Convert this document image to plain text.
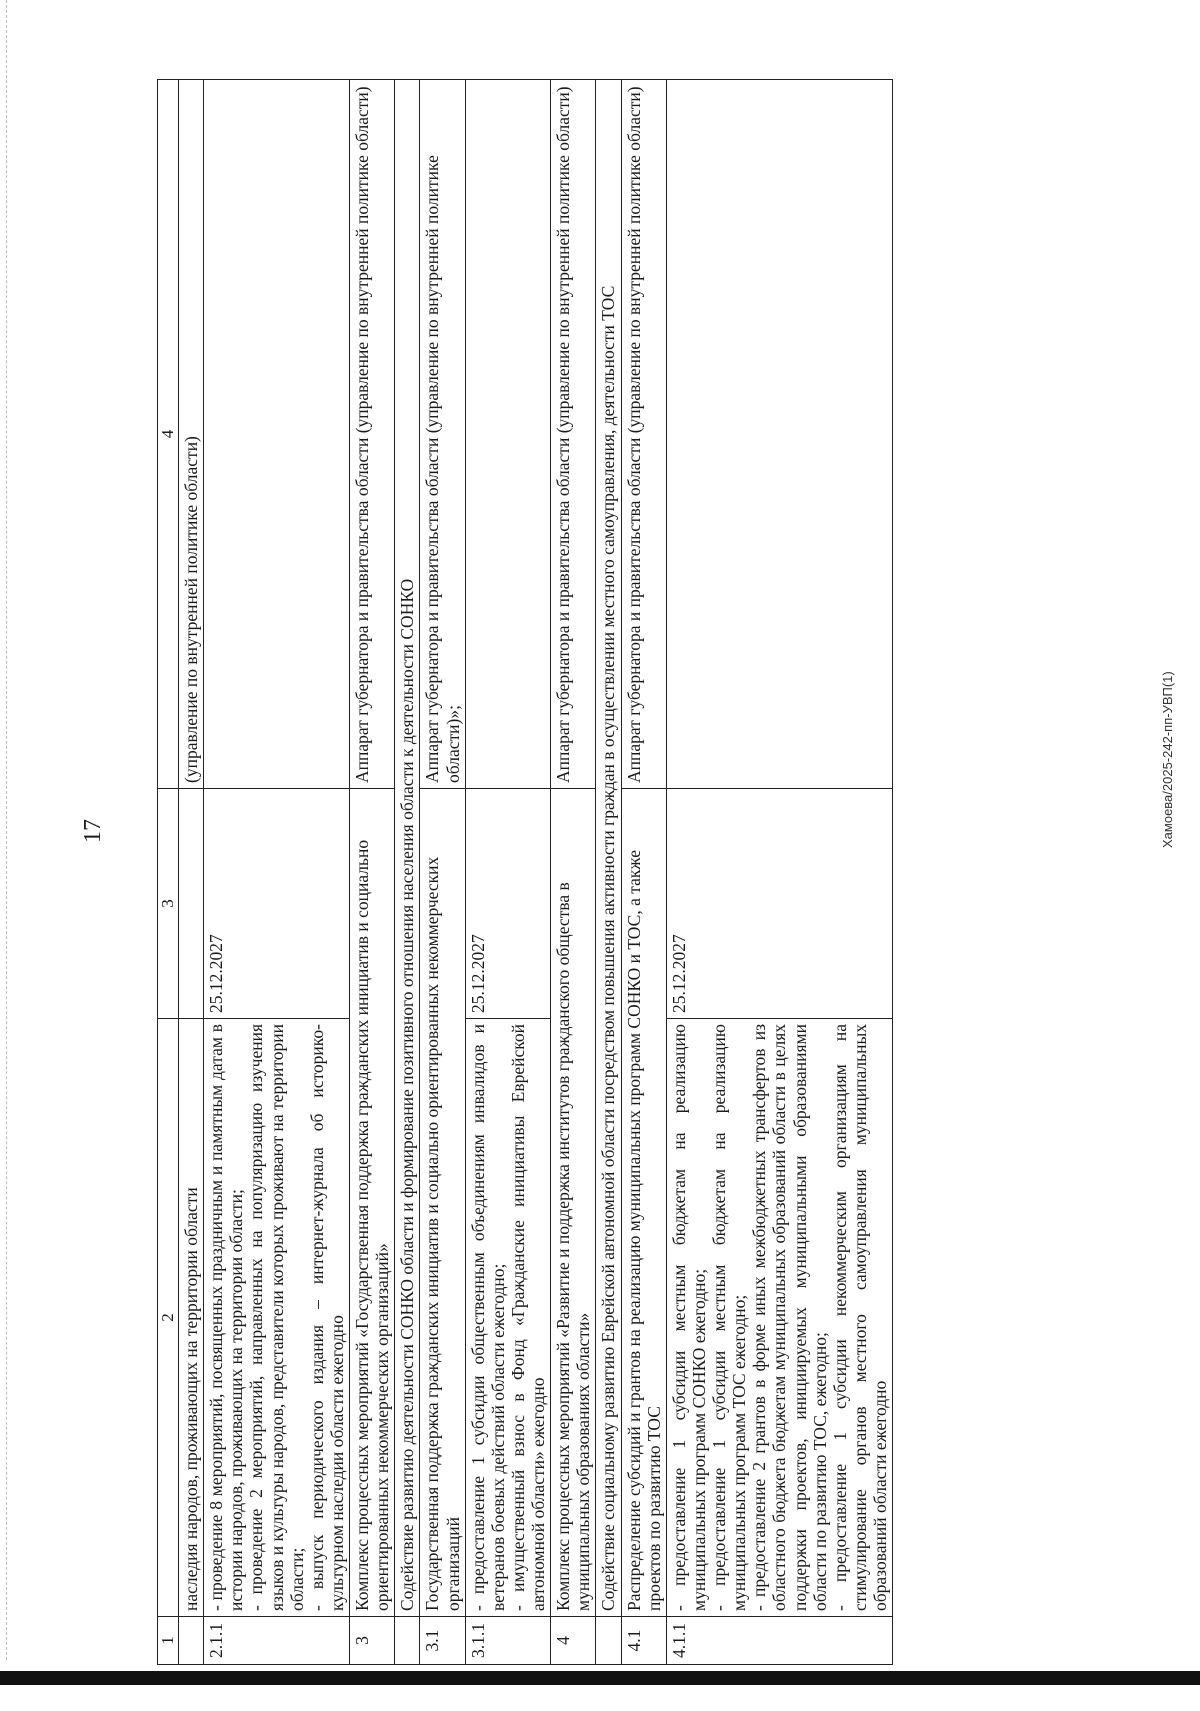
17
1	2	3	4
	наследия народов, проживающих на территории области		(управление по внутренней политике области)
2.1.1	- проведение 8 мероприятий, посвященных праздничным и памятным датам в истории народов, проживающих на территории области; - проведение 2 мероприятий, направленных на популяризацию изучения языков и культуры народов, представители которых проживают на территории области; - выпуск периодического издания – интернет-журнала об историко-культурном наследии области ежегодно	25.12.2027	
3	Комплекс процессных мероприятий «Государственная поддержка гражданских инициатив и социально ориентированных некоммерческих организаций»		Аппарат губернатора и правительства области (управление по внутренней политике области)
	Содействие развитию деятельности СОНКО области и формирование позитивного отношения населения области к деятельности СОНКО		
3.1	Государственная поддержка гражданских инициатив и социально ориентированных некоммерческих организаций		Аппарат губернатора и правительства области (управление по внутренней политике области)»;
3.1.1	- предоставление 1 субсидии общественным объединениям инвалидов и ветеранов боевых действий области ежегодно; - имущественный взнос в Фонд «Гражданские инициативы Еврейской автономной области» ежегодно	25.12.2027	
4	Комплекс процессных мероприятий «Развитие и поддержка институтов гражданского общества в муниципальных образованиях области»		Аппарат губернатора и правительства области (управление по внутренней политике области)
	Содействие социальному развитию Еврейской автономной области посредством повышения активности граждан в осуществлении местного самоуправления, деятельности ТОС		
4.1	Распределение субсидий и грантов на реализацию муниципальных программ СОНКО и ТОС, а также проектов по развитию ТОС		Аппарат губернатора и правительства области (управление по внутренней политике области)
4.1.1	- предоставление 1 субсидии местным бюджетам на реализацию муниципальных программ СОНКО ежегодно; - предоставление 1 субсидии местным бюджетам на реализацию муниципальных программ ТОС ежегодно; - предоставление 2 грантов в форме иных межбюджетных трансфертов из областного бюджета бюджетам муниципальных образований области в целях поддержки проектов, инициируемых муниципальными образованиями области по развитию ТОС, ежегодно; - предоставление 1 субсидии некоммерческим организациям на стимулирование органов местного самоуправления муниципальных образований области ежегодно	25.12.2027	
Хамоева/2025-242-пп-УВП(1)
